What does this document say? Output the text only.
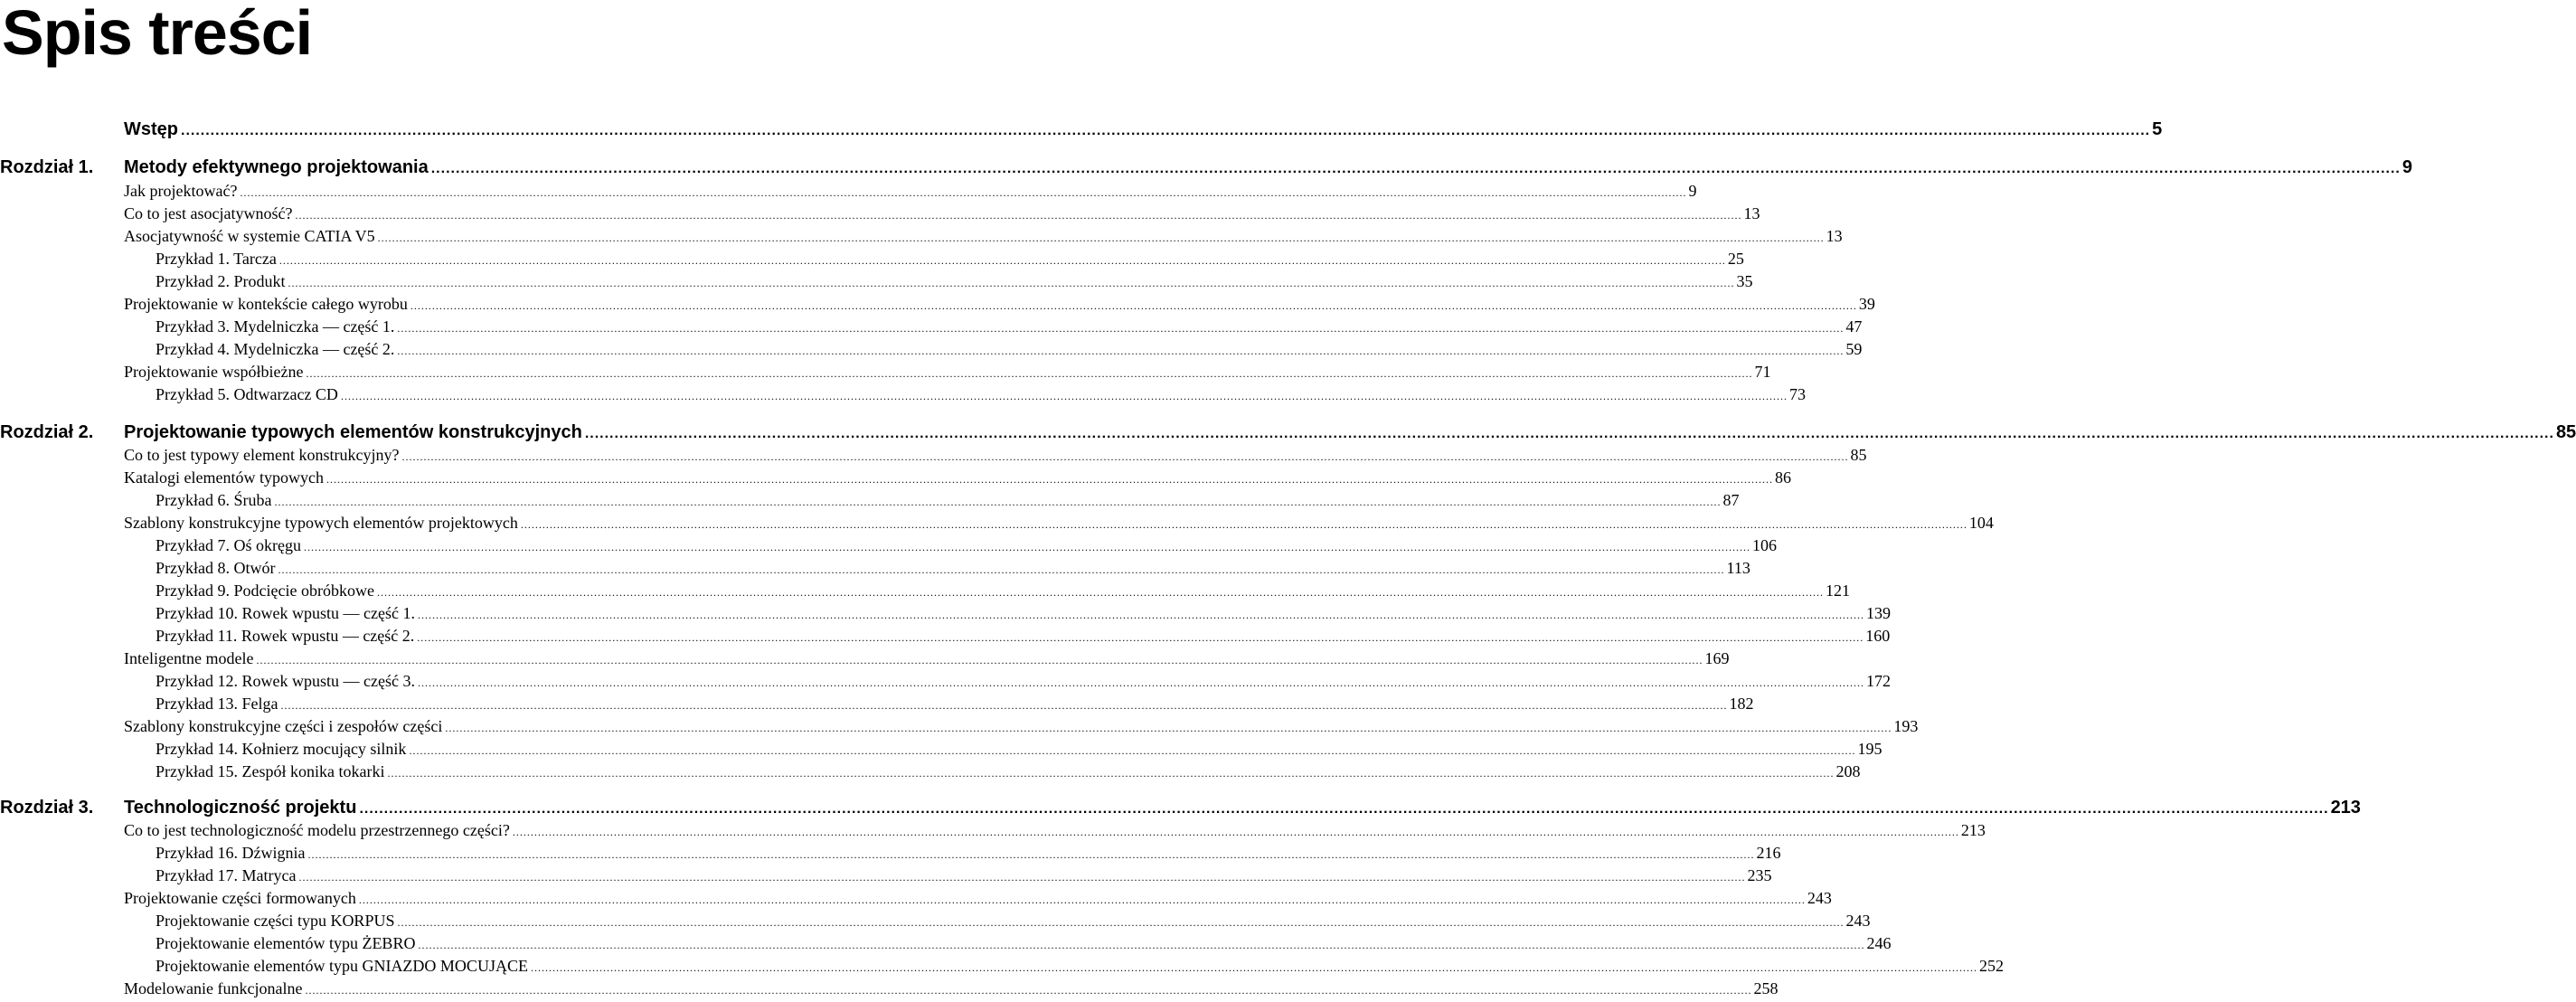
Spis treści
Wstęp ................................................................................................................................................................................................................................................................................................................................................................................................................ 5
Rozdział 1. Metody efektywnego projektowania ................................................................................................................................................................................................................................................................................................................................................................................................................ 9
Jak projektować? ................................................................................................................................................................................................................................................................................................................................................................................................................ 9
Co to jest asocjatywność? ................................................................................................................................................................................................................................................................................................................................................................................................................ 13
Asocjatywność w systemie CATIA V5 ................................................................................................................................................................................................................................................................................................................................................................................................................ 13
Przykład 1. Tarcza ................................................................................................................................................................................................................................................................................................................................................................................................................ 25
Przykład 2. Produkt ................................................................................................................................................................................................................................................................................................................................................................................................................ 35
Projektowanie w kontekście całego wyrobu ................................................................................................................................................................................................................................................................................................................................................................................................................ 39
Przykład 3. Mydelniczka — część 1. ................................................................................................................................................................................................................................................................................................................................................................................................................ 47
Przykład 4. Mydelniczka — część 2. ................................................................................................................................................................................................................................................................................................................................................................................................................ 59
Projektowanie współbieżne ................................................................................................................................................................................................................................................................................................................................................................................................................ 71
Przykład 5. Odtwarzacz CD ................................................................................................................................................................................................................................................................................................................................................................................................................ 73
Rozdział 2. Projektowanie typowych elementów konstrukcyjnych ................................................................................................................................................................................................................................................................................................................................................................................................................ 85
Co to jest typowy element konstrukcyjny? ................................................................................................................................................................................................................................................................................................................................................................................................................ 85
Katalogi elementów typowych ................................................................................................................................................................................................................................................................................................................................................................................................................ 86
Przykład 6. Śruba ................................................................................................................................................................................................................................................................................................................................................................................................................ 87
Szablony konstrukcyjne typowych elementów projektowych ................................................................................................................................................................................................................................................................................................................................................................................................................ 104
Przykład 7. Oś okręgu ................................................................................................................................................................................................................................................................................................................................................................................................................ 106
Przykład 8. Otwór ................................................................................................................................................................................................................................................................................................................................................................................................................ 113
Przykład 9. Podcięcie obróbkowe ................................................................................................................................................................................................................................................................................................................................................................................................................ 121
Przykład 10. Rowek wpustu — część 1. ................................................................................................................................................................................................................................................................................................................................................................................................................ 139
Przykład 11. Rowek wpustu — część 2. ................................................................................................................................................................................................................................................................................................................................................................................................................ 160
Inteligentne modele ................................................................................................................................................................................................................................................................................................................................................................................................................ 169
Przykład 12. Rowek wpustu — część 3. ................................................................................................................................................................................................................................................................................................................................................................................................................ 172
Przykład 13. Felga ................................................................................................................................................................................................................................................................................................................................................................................................................ 182
Szablony konstrukcyjne części i zespołów części ................................................................................................................................................................................................................................................................................................................................................................................................................ 193
Przykład 14. Kołnierz mocujący silnik ................................................................................................................................................................................................................................................................................................................................................................................................................ 195
Przykład 15. Zespół konika tokarki ................................................................................................................................................................................................................................................................................................................................................................................................................ 208
Rozdział 3. Technologiczność projektu ................................................................................................................................................................................................................................................................................................................................................................................................................ 213
Co to jest technologiczność modelu przestrzennego części? ................................................................................................................................................................................................................................................................................................................................................................................................................ 213
Przykład 16. Dźwignia ................................................................................................................................................................................................................................................................................................................................................................................................................ 216
Przykład 17. Matryca ................................................................................................................................................................................................................................................................................................................................................................................................................ 235
Projektowanie części formowanych ................................................................................................................................................................................................................................................................................................................................................................................................................ 243
Projektowanie części typu KORPUS ................................................................................................................................................................................................................................................................................................................................................................................................................ 243
Projektowanie elementów typu ŻEBRO ................................................................................................................................................................................................................................................................................................................................................................................................................ 246
Projektowanie elementów typu GNIAZDO MOCUJĄCE ................................................................................................................................................................................................................................................................................................................................................................................................................ 252
Modelowanie funkcjonalne ................................................................................................................................................................................................................................................................................................................................................................................................................ 258
